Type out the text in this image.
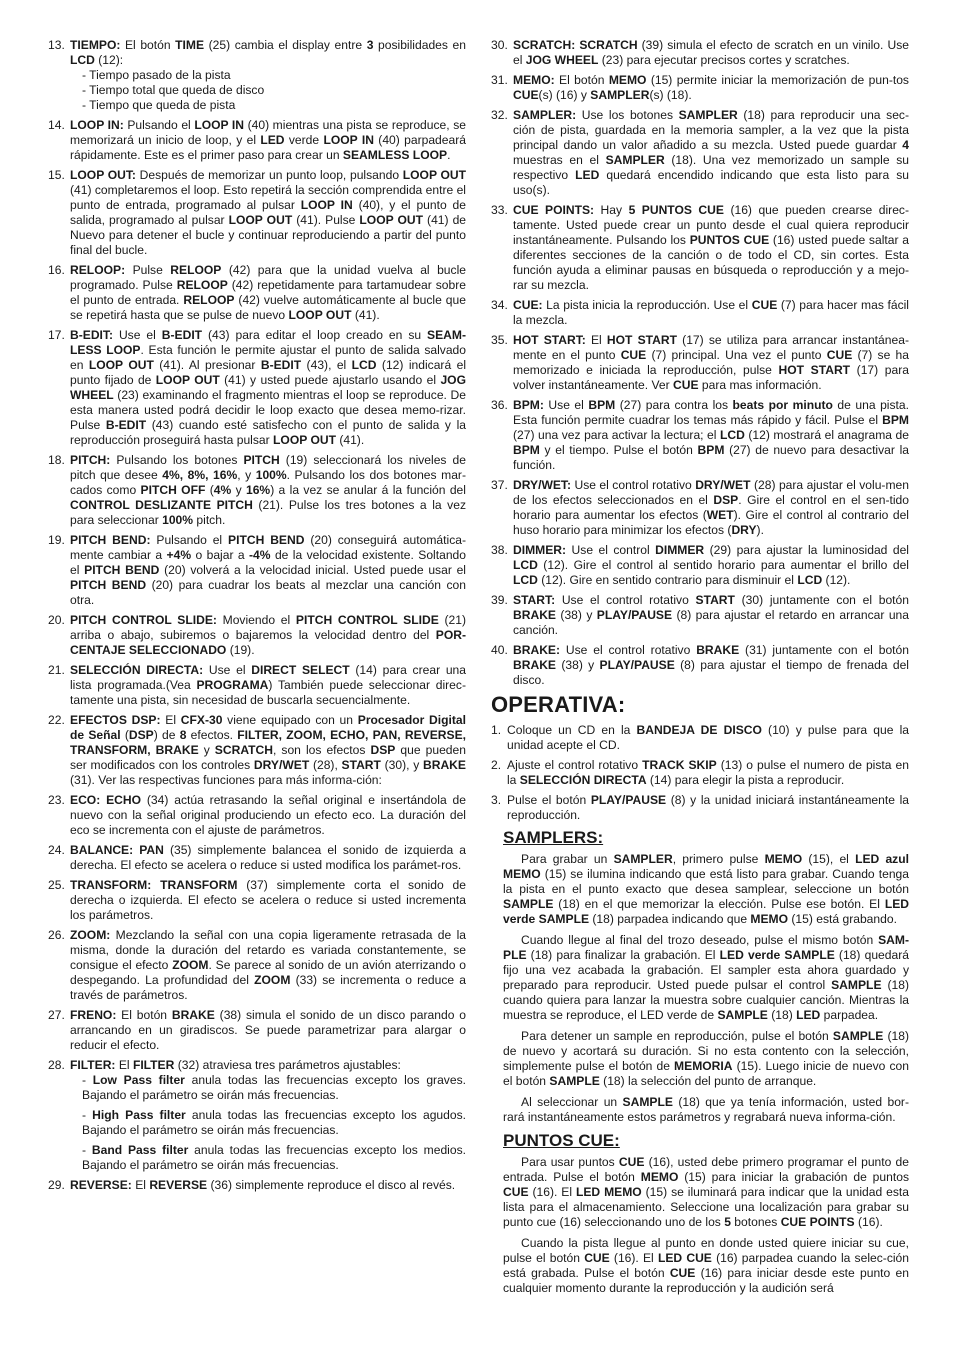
13. TIEMPO: El botón TIME (25) cambia el display entre 3 posibilidades en LCD (12):
- Tiempo pasado de la pista
- Tiempo total que queda de disco
- Tiempo que queda de pista
14. LOOP IN: Pulsando el LOOP IN (40) mientras una pista se reproduce, se memorizará un inicio de loop, y el LED verde LOOP IN (40) parpadeará rápidamente. Este es el primer paso para crear un SEAMLESS LOOP.
15. LOOP OUT: Después de memorizar un punto loop, pulsando LOOP OUT (41) completaremos el loop. Esto repetirá la sección comprendida entre el punto de entrada, programado al pulsar LOOP IN (40), y el punto de salida, programado al pulsar LOOP OUT (41). Pulse LOOP OUT (41) de Nuevo para detener el bucle y continuar reproduciendo a partir del punto final del bucle.
16. RELOOP: Pulse RELOOP (42) para que la unidad vuelva al bucle programado. Pulse RELOOP (42) repetidamente para tartamudear sobre el punto de entrada. RELOOP (42) vuelve automáticamente al bucle que se repetirá hasta que se pulse de nuevo LOOP OUT (41).
17. B-EDIT: Use el B-EDIT (43) para editar el loop creado en su SEAM-LESS LOOP. Esta función le permite ajustar el punto de salida salvado en LOOP OUT (41). Al presionar B-EDIT (43), el LCD (12) indicará el punto fijado de LOOP OUT (41) y usted puede ajustarlo usando el JOG WHEEL (23) examinando el fragmento mientras el loop se reproduce. De esta manera usted podrá decidir le loop exacto que desea memo-rizar. Pulse B-EDIT (43) cuando esté satisfecho con el punto de salida y la reproducción proseguirá hasta pulsar LOOP OUT (41).
18. PITCH: Pulsando los botones PITCH (19) seleccionará los niveles de pitch que desee 4%, 8%, 16%, y 100%. Pulsando los dos botones mar-cados como PITCH OFF (4% y 16%) a la vez se anular á la función del CONTROL DESLIZANTE PITCH (21). Pulse los tres botones a la vez para seleccionar 100% pitch.
19. PITCH BEND: Pulsando el PITCH BEND (20) conseguirá automática-mente cambiar a +4% o bajar a -4% de la velocidad existente. Soltando el PITCH BEND (20) volverá a la velocidad inicial. Usted puede usar el PITCH BEND (20) para cuadrar los beats al mezclar una canción con otra.
20. PITCH CONTROL SLIDE: Moviendo el PITCH CONTROL SLIDE (21) arriba o abajo, subiremos o bajaremos la velocidad dentro del POR-CENTAJE SELECCIONADO (19).
21. SELECCIÓN DIRECTA: Use el DIRECT SELECT (14) para crear una lista programada.(Vea PROGRAMA) También puede seleccionar direc-tamente una pista, sin necesidad de buscarla secuencialmente.
22. EFECTOS DSP: El CFX-30 viene equipado con un Procesador Digital de Señal (DSP) de 8 efectos. FILTER, ZOOM, ECHO, PAN, REVERSE, TRANSFORM, BRAKE y SCRATCH, son los efectos DSP que pueden ser modificados con los controles DRY/WET (28), START (30), y BRAKE (31). Ver las respectivas funciones para más informa-ción:
23. ECO: ECHO (34) actúa retrasando la señal original e insertándola de nuevo con la señal original produciendo un efecto eco. La duración del eco se incrementa con el ajuste de parámetros.
24. BALANCE: PAN (35) simplemente balancea el sonido de izquierda a derecha. El efecto se acelera o reduce si usted modifica los parámet-ros.
25. TRANSFORM: TRANSFORM (37) simplemente corta el sonido de derecha o izquierda. El efecto se acelera o reduce si usted incrementa los parámetros.
26. ZOOM: Mezclando la señal con una copia ligeramente retrasada de la misma, donde la duración del retardo es variada constantemente, se consigue el efecto ZOOM. Se parece al sonido de un avión aterrizando o despegando. La profundidad del ZOOM (33) se incrementa o reduce a través de parámetros.
27. FRENO: El botón BRAKE (38) simula el sonido de un disco parando o arrancando en un giradiscos. Se puede parametrizar para alargar o reducir el efecto.
28. FILTER: El FILTER (32) atraviesa tres parámetros ajustables:
- Low Pass filter anula todas las frecuencias excepto los graves. Bajando el parámetro se oirán más frecuencias.
- High Pass filter anula todas las frecuencias excepto los agudos. Bajando el parámetro se oirán más frecuencias.
- Band Pass filter anula todas las frecuencias excepto los medios. Bajando el parámetro se oirán más frecuencias.
29. REVERSE: El REVERSE (36) simplemente reproduce el disco al revés.
30. SCRATCH: SCRATCH (39) simula el efecto de scratch en un vinilo. Use el JOG WHEEL (23) para ejecutar precisos cortes y scratches.
31. MEMO: El botón MEMO (15) permite iniciar la memorización de pun-tos CUE(s) (16) y SAMPLER(s) (18).
32. SAMPLER: Use los botones SAMPLER (18) para reproducir una sec-ción de pista, guardada en la memoria sampler, a la vez que la pista principal dando un valor añadido a su mezcla. Usted puede guardar 4 muestras en el SAMPLER (18). Una vez memorizado un sample su respectivo LED quedará encendido indicando que esta listo para su uso(s).
33. CUE POINTS: Hay 5 PUNTOS CUE (16) que pueden crearse direc-tamente. Usted puede crear un punto desde el cual quiera reproducir instantáneamente. Pulsando los PUNTOS CUE (16) usted puede saltar a diferentes secciones de la canción o de todo el CD, sin cortes. Esta función ayuda a eliminar pausas en búsqueda o reproducción y a mejo-rar su mezcla.
34. CUE: La pista inicia la reproducción. Use el CUE (7) para hacer mas fácil la mezcla.
35. HOT START: El HOT START (17) se utiliza para arrancar instantánea-mente en el punto CUE (7) principal. Una vez el punto CUE (7) se ha memorizado e iniciada la reproducción, pulse HOT START (17) para volver instantáneamente. Ver CUE para mas información.
36. BPM: Use el BPM (27) para contra los beats por minuto de una pista. Esta función permite cuadrar los temas más rápido y fácil. Pulse el BPM (27) una vez para activar la lectura; el LCD (12) mostrará el anagrama de BPM y el tiempo. Pulse el botón BPM (27) de nuevo para desactivar la función.
37. DRY/WET: Use el control rotativo DRY/WET (28) para ajustar el volu-men de los efectos seleccionados en el DSP. Gire el control en el sen-tido horario para aumentar los efectos (WET). Gire el control al contrario del huso horario para minimizar los efectos (DRY).
38. DIMMER: Use el control DIMMER (29) para ajustar la luminosidad del LCD (12). Gire el control al sentido horario para aumentar el brillo del LCD (12). Gire en sentido contrario para disminuir el LCD (12).
39. START: Use el control rotativo START (30) juntamente con el botón BRAKE (38) y PLAY/PAUSE (8) para ajustar el retardo en arrancar una canción.
40. BRAKE: Use el control rotativo BRAKE (31) juntamente con el botón BRAKE (38) y PLAY/PAUSE (8) para ajustar el tiempo de frenada del disco.
OPERATIVA:
1. Coloque un CD en la BANDEJA DE DISCO (10) y pulse para que la unidad acepte el CD.
2. Ajuste el control rotativo TRACK SKIP (13) o pulse el numero de pista en la SELECCIÓN DIRECTA (14) para elegir la pista a reproducir.
3. Pulse el botón PLAY/PAUSE (8) y la unidad iniciará instantáneamente la reproducción.
SAMPLERS:
Para grabar un SAMPLER, primero pulse MEMO (15), el LED azul MEMO (15) se ilumina indicando que está listo para grabar. Cuando tenga la pista en el punto exacto que desea samplear, seleccione un botón SAMPLE (18) en el que memorizar la elección. Pulse ese botón. El LED verde SAMPLE (18) parpadea indicando que MEMO (15) está grabando.
Cuando llegue al final del trozo deseado, pulse el mismo botón SAM-PLE (18) para finalizar la grabación. El LED verde SAMPLE (18) quedará fijo una vez acabada la grabación. El sampler esta ahora guardado y preparado para reproducir. Usted puede pulsar el control SAMPLE (18) cuando quiera para lanzar la muestra sobre cualquier canción. Mientras la muestra se reproduce, el LED verde de SAMPLE (18) LED parpadea.
Para detener un sample en reproducción, pulse el botón SAMPLE (18) de nuevo y acortará su duración. Si no esta contento con la selección, simplemente pulse el botón de MEMORIA (15). Luego inicie de nuevo con el botón SAMPLE (18) la selección del punto de arranque.
Al seleccionar un SAMPLE (18) que ya tenía información, usted bor-rará instantáneamente estos parámetros y regrabará nueva informa-ción.
PUNTOS CUE:
Para usar puntos CUE (16), usted debe primero programar el punto de entrada. Pulse el botón MEMO (15) para iniciar la grabación de puntos CUE (16). El LED MEMO (15) se iluminará para indicar que la unidad esta lista para el almacenamiento. Seleccione una localización para grabar su punto cue (16) seleccionando uno de los 5 botones CUE POINTS (16).
Cuando la pista llegue al punto en donde usted quiere iniciar su cue, pulse el botón CUE (16). El LED CUE (16) parpadea cuando la selec-ción está grabada. Pulse el botón CUE (16) para iniciar desde este punto en cualquier momento durante la reproducción y la audición será
